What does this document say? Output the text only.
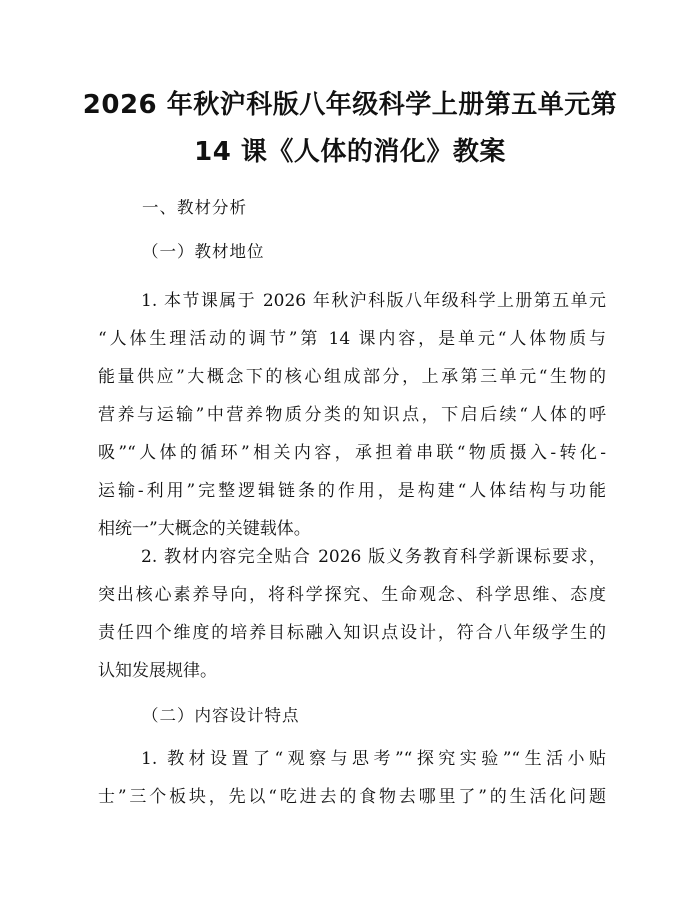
2026 年秋沪科版八年级科学上册第五单元第
14 课《人体的消化》教案
一、教材分析
（一）教材地位
1. 本节课属于 2026 年秋沪科版八年级科学上册第五单元
“人体生理活动的调节”第 14 课内容，是单元“人体物质与
能量供应”大概念下的核心组成部分，上承第三单元“生物的
营养与运输”中营养物质分类的知识点，下启后续“人体的呼
吸”“人体的循环”相关内容，承担着串联“物质摄入-转化-
运输-利用”完整逻辑链条的作用，是构建“人体结构与功能
相统一”大概念的关键载体。
2. 教材内容完全贴合 2026 版义务教育科学新课标要求，
突出核心素养导向，将科学探究、生命观念、科学思维、态度
责任四个维度的培养目标融入知识点设计，符合八年级学生的
认知发展规律。
（二）内容设计特点
1. 教材设置了“观察与思考”“探究实验”“生活小贴
士”三个板块，先以“吃进去的食物去哪里了”的生活化问题
